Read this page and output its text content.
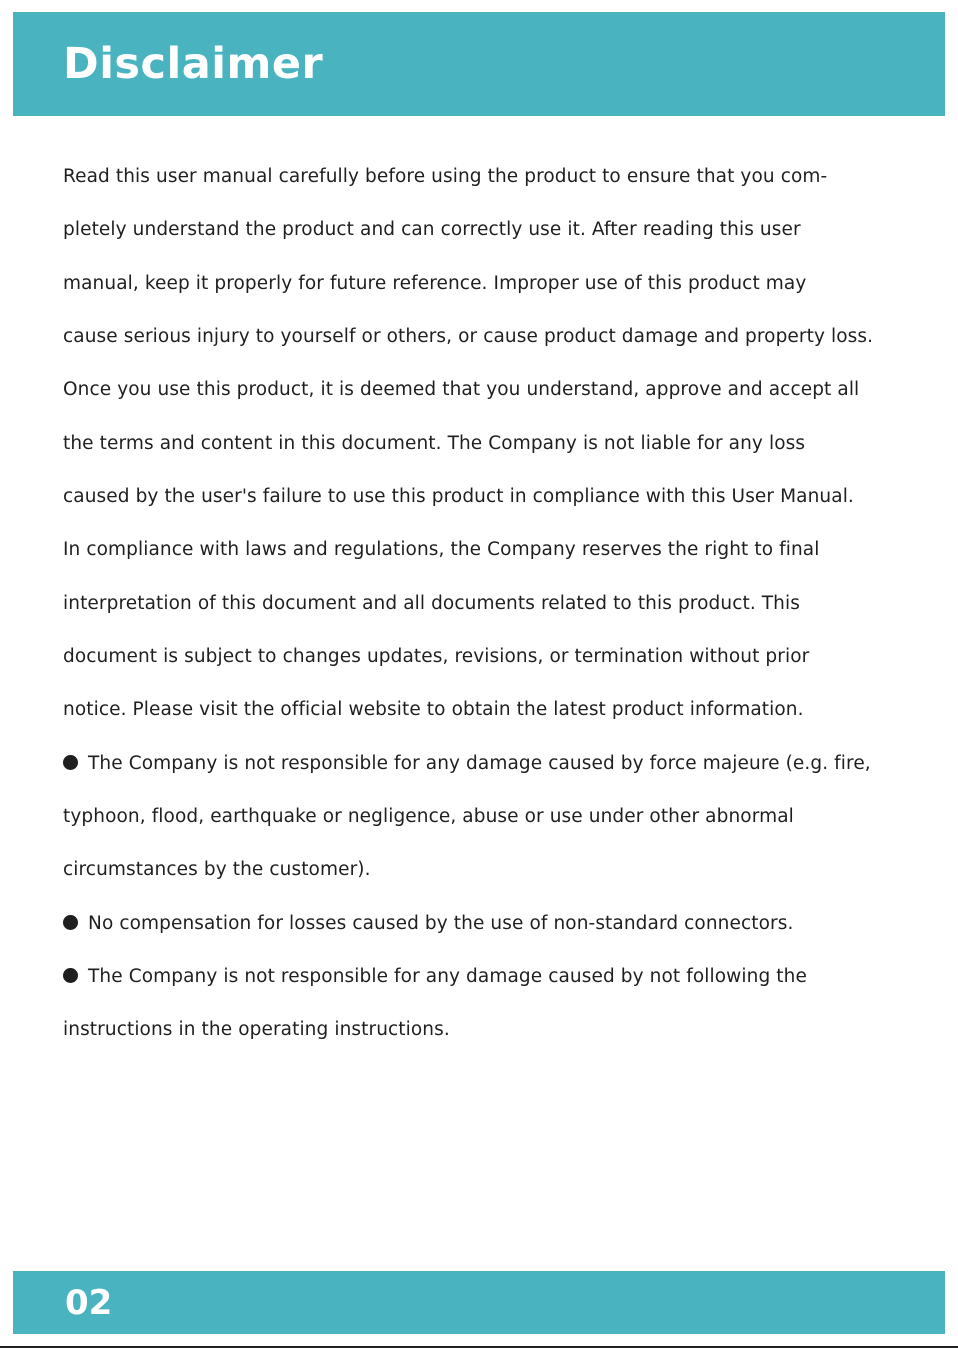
Disclaimer
Read this user manual carefully before using the product to ensure that you com-
pletely understand the product and can correctly use it. After reading this user
manual, keep it properly for future reference. Improper use of this product may
cause serious injury to yourself or others, or cause product damage and property loss.
Once you use this product, it is deemed that you understand, approve and accept all
the terms and content in this document. The Company is not liable for any loss
caused by the user's failure to use this product in compliance with this User Manual.
In compliance with laws and regulations, the Company reserves the right to final
interpretation of this document and all documents related to this product. This
document is subject to changes updates, revisions, or termination without prior
notice. Please visit the official website to obtain the latest product information.
The Company is not responsible for any damage caused by force majeure (e.g. fire,
typhoon, flood, earthquake or negligence, abuse or use under other abnormal
circumstances by the customer).
No compensation for losses caused by the use of non-standard connectors.
The Company is not responsible for any damage caused by not following the
instructions in the operating instructions.
02
